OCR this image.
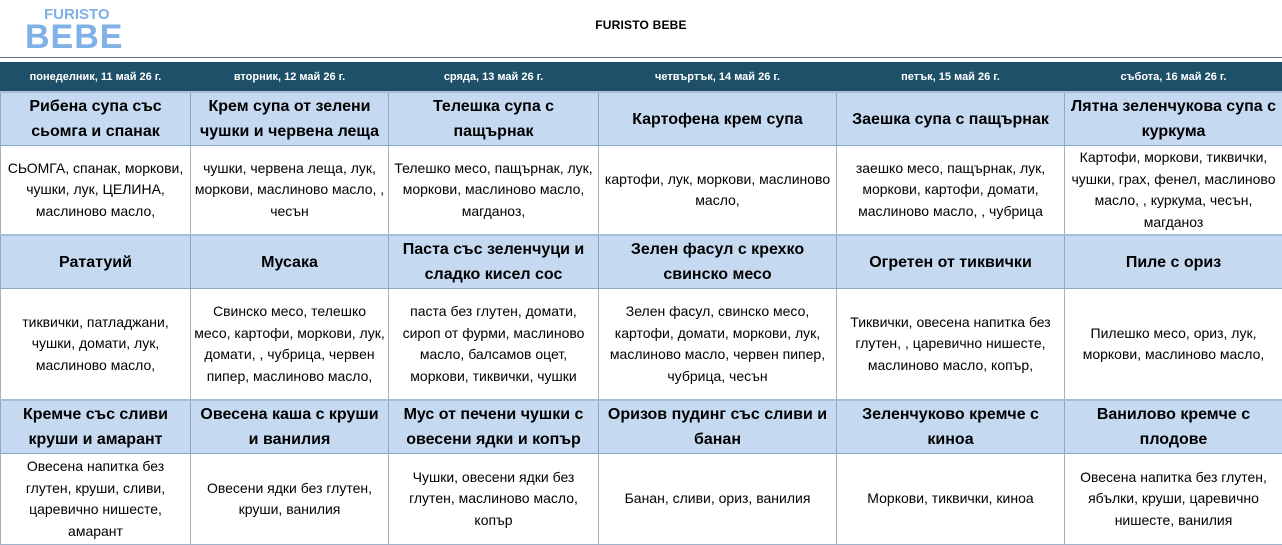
FURISTO
BEBE	FURISTO BEBE
понеделник, 11 май 26 г.	вторник, 12 май 26 г.	сряда, 13 май 26 г.	четвъртък, 14 май 26 г.	петък, 15 май 26 г.	събота, 16 май 26 г.
Рибена супа със сьомга и спанак	Крем супа от зелени чушки и червена леща	Телешка супа с пащърнак	Картофена крем супа	Заешка супа с пащърнак	Лятна зеленчукова супа с куркума
СЬОМГА, спанак, моркови, чушки, лук, ЦЕЛИНА, маслиново масло,	чушки, червена леща, лук, моркови, маслиново масло, , чесън	Телешко месо, пащърнак, лук, моркови, маслиново масло, магданоз,	картофи, лук, моркови, маслиново масло,	заешко месо, пащърнак, лук, моркови, картофи, домати, маслиново масло, , чубрица	Картофи, моркови, тиквички, чушки, грах, фенел, маслиново масло, , куркума, чесън, магданоз
Рататуий	Мусака	Паста със зеленчуци и сладко кисел сос	Зелен фасул с крехко свинско месо	Огретен от тиквички	Пиле с ориз
тиквички, патладжани, чушки, домати, лук, маслиново масло,	Свинско месо, телешко месо, картофи, моркови, лук, домати, , чубрица, червен пипер, маслиново масло,	паста без глутен, домати, сироп от фурми, маслиново масло, балсамов оцет, моркови, тиквички, чушки	Зелен фасул, свинско месо, картофи, домати, моркови, лук, маслиново масло, червен пипер, чубрица, чесън	Тиквички, овесена напитка без глутен, , царевично нишесте, маслиново масло, копър,	Пилешко месо, ориз, лук, моркови, маслиново масло,
Кремче със сливи круши и амарант	Овесена каша с круши и ванилия	Мус от печени чушки с овесени ядки и копър	Оризов пудинг със сливи и банан	Зеленчуково кремче с киноа	Ванилово кремче с плодове
Овесена напитка без глутен, круши, сливи, царевично нишесте, амарант	Овесени ядки без глутен, круши, ванилия	Чушки, овесени ядки без глутен, маслиново масло, копър	Банан, сливи, ориз, ванилия	Моркови, тиквички, киноа	Овесена напитка без глутен, ябълки, круши, царевично нишесте, ванилия
